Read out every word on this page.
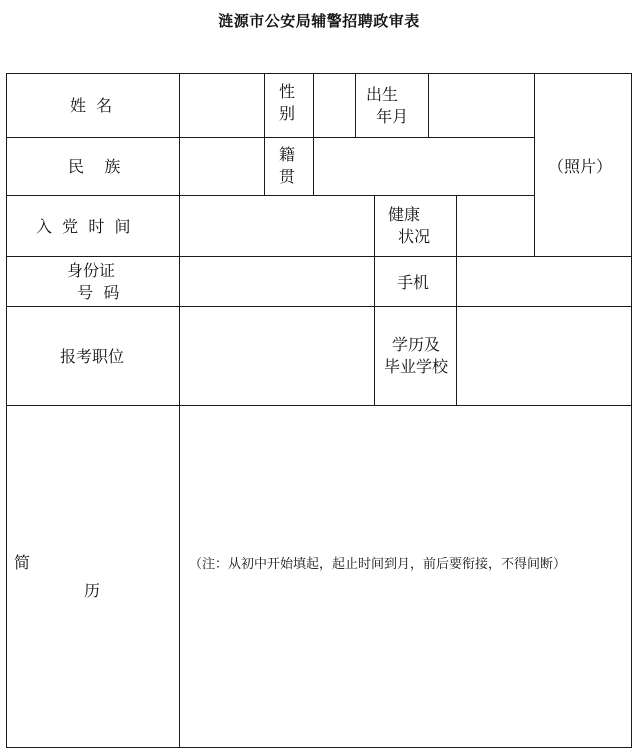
涟源市公安局辅警招聘政审表
姓  名
性
别
出生
年月
（照片）
民    族
籍
贯
入  党  时  间
健康
状况
身份证
号  码
手机
报考职位
学历及
毕业学校
简
历
（注：从初中开始填起，起止时间到月，前后要衔接，不得间断）
